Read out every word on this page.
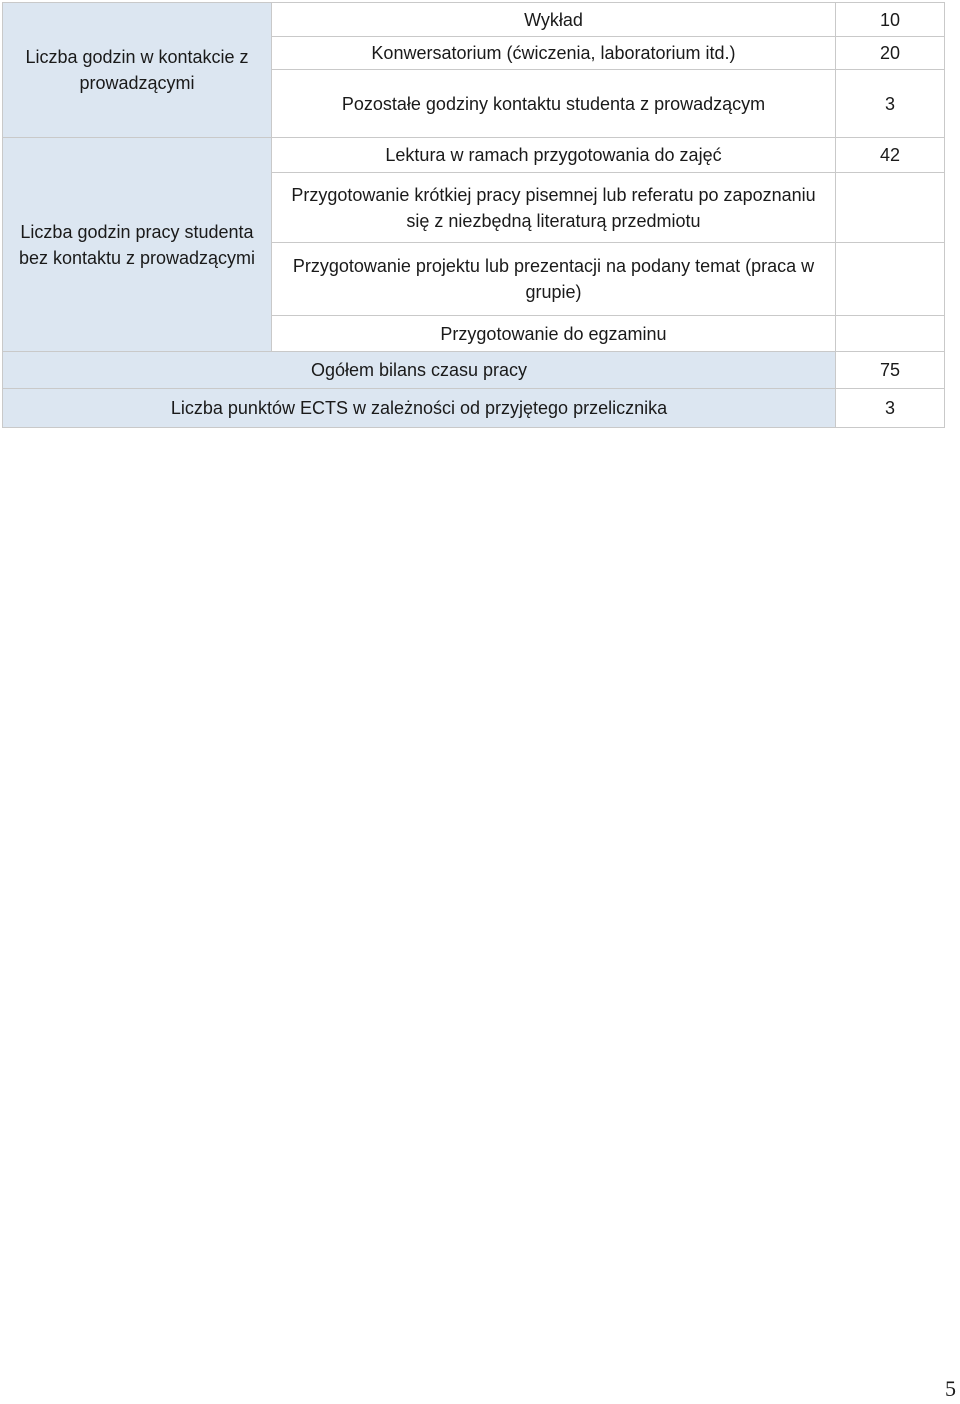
Liczba godzin w kontakcie z prowadzącymi	Wykład	10
	Konwersatorium (ćwiczenia, laboratorium itd.)	20
	Pozostałe godziny kontaktu studenta z prowadzącym	3
Liczba godzin pracy studenta bez kontaktu z prowadzącymi	Lektura w ramach przygotowania do zajęć	42
	Przygotowanie krótkiej pracy pisemnej lub referatu po zapoznaniu się z niezbędną literaturą przedmiotu	
	Przygotowanie projektu lub prezentacji na podany temat (praca w grupie)	
	Przygotowanie do egzaminu	
Ogółem bilans czasu pracy		75
Liczba punktów ECTS w zależności od przyjętego przelicznika		3
5
